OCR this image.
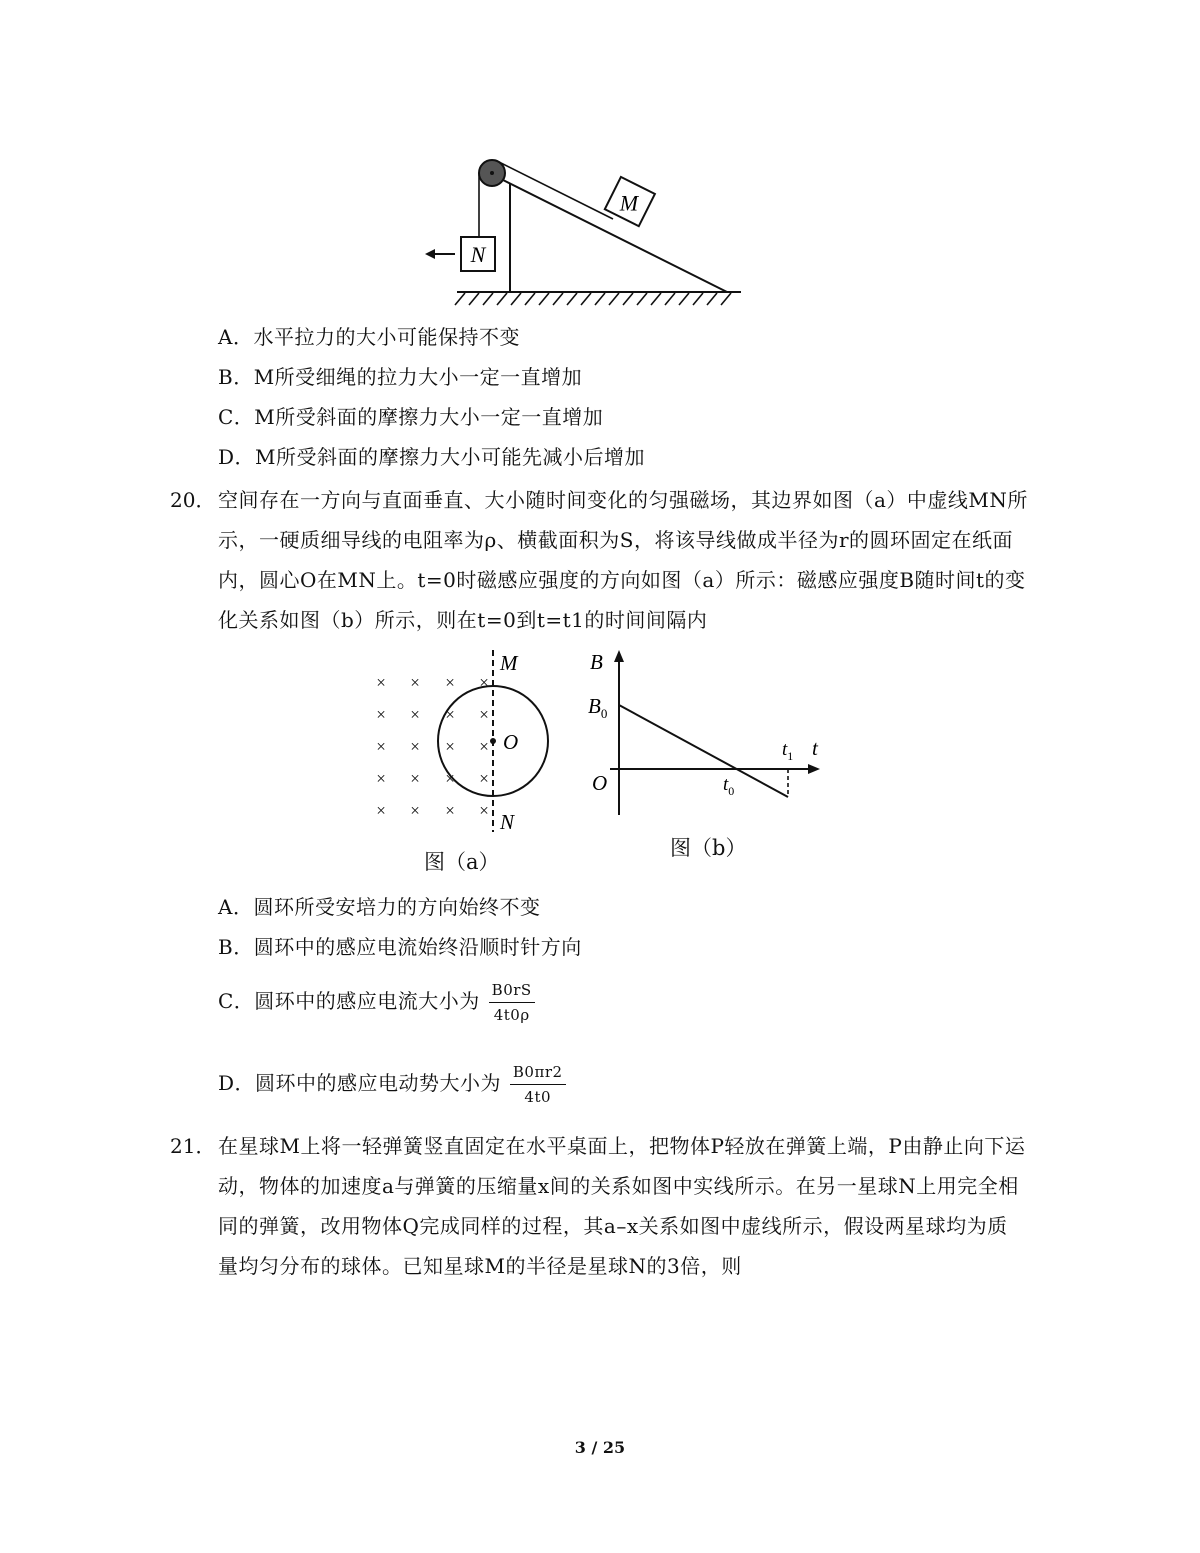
M
N
A．水平拉力的大小可能保持不变
B．M所受细绳的拉力大小一定一直增加
C．M所受斜面的摩擦力大小一定一直增加
D．M所受斜面的摩擦力大小可能先减小后增加
20． 空间存在一方向与直面垂直、大小随时间变化的匀强磁场，其边界如图（a）中虚线MN所示，一硬质细导线的电阻率为ρ、横截面积为S，将该导线做成半径为r的圆环固定在纸面内，圆心O在MN上。t=0时磁感应强度的方向如图（a）所示：磁感应强度B随时间t的变化关系如图（b）所示，则在t=0到t=t1的时间间隔内
× × × ×
× × × ×
× × × ×
× × × ×
× × × ×
M
O
N
图（a）
B
$B_0$
O
$t_1$ t
$t_0$
图（b）
A．圆环所受安培力的方向始终不变
B．圆环中的感应电流始终沿顺时针方向
C．圆环中的感应电流大小为 $\frac{B0rS}{4t0\rho}$
D．圆环中的感应电动势大小为 $\frac{B0\pi r2}{4t0}$
21． 在星球M上将一轻弹簧竖直固定在水平桌面上，把物体P轻放在弹簧上端，P由静止向下运动，物体的加速度a与弹簧的压缩量x间的关系如图中实线所示。在另一星球N上用完全相同的弹簧，改用物体Q完成同样的过程，其a–x关系如图中虚线所示，假设两星球均为质量均匀分布的球体。已知星球M的半径是星球N的3倍，则
3 / 25
